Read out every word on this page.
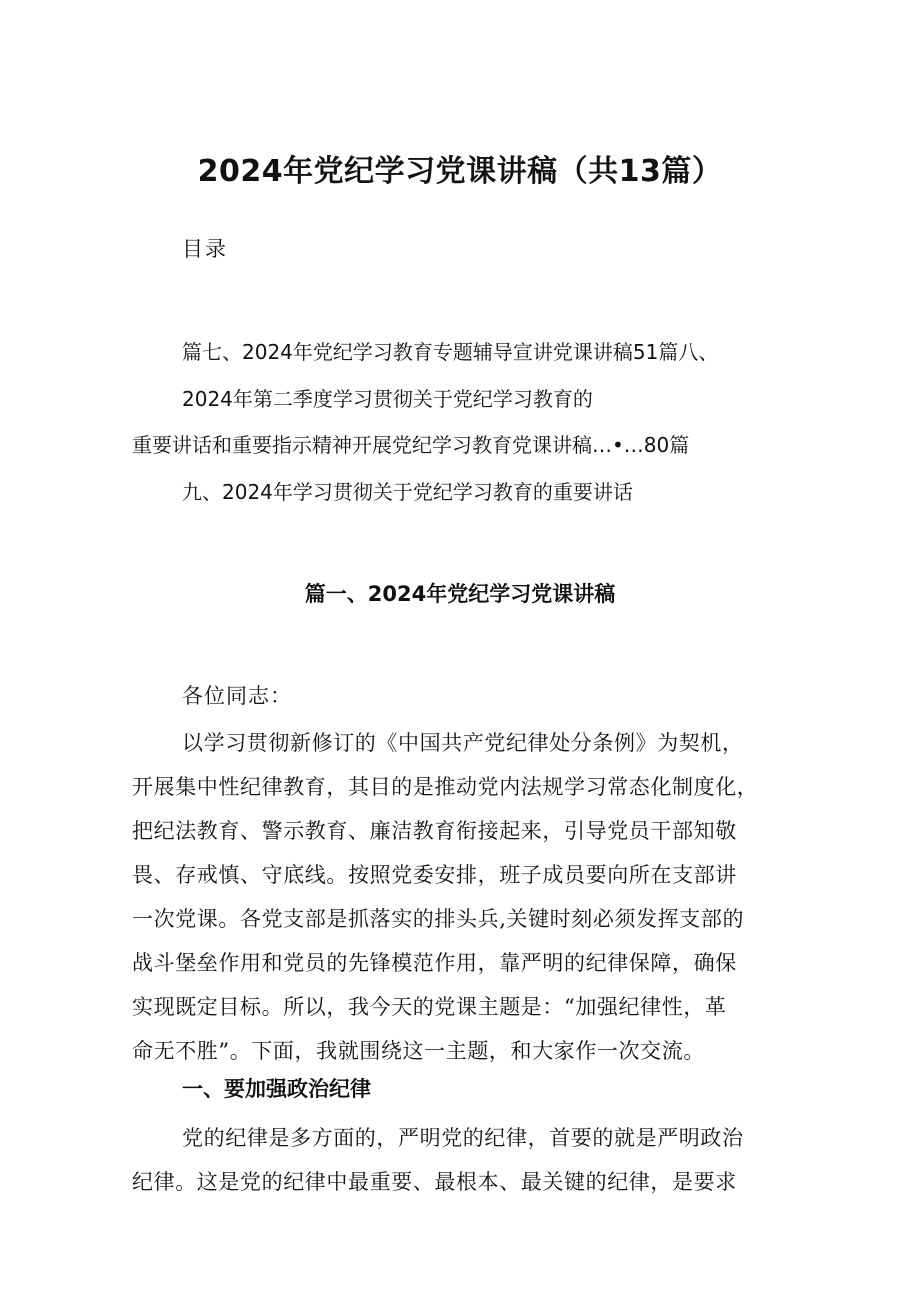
2024年党纪学习党课讲稿（共13篇）
目录
篇七、2024年党纪学习教育专题辅导宣讲党课讲稿51篇八、
2024年第二季度学习贯彻关于党纪学习教育的
重要讲话和重要指示精神开展党纪学习教育党课讲稿…•…80篇
九、2024年学习贯彻关于党纪学习教育的重要讲话
篇一、2024年党纪学习党课讲稿
各位同志：
以学习贯彻新修订的《中国共产党纪律处分条例》为契机，
开展集中性纪律教育，其目的是推动党内法规学习常态化制度化，
把纪法教育、警示教育、廉洁教育衔接起来，引导党员干部知敬
畏、存戒慎、守底线。按照党委安排，班子成员要向所在支部讲
一次党课。各党支部是抓落实的排头兵,关键时刻必须发挥支部的
战斗堡垒作用和党员的先锋模范作用，靠严明的纪律保障，确保
实现既定目标。所以，我今天的党课主题是：“加强纪律性，革
命无不胜”。下面，我就围绕这一主题，和大家作一次交流。
一、要加强政治纪律
党的纪律是多方面的，严明党的纪律，首要的就是严明政治
纪律。这是党的纪律中最重要、最根本、最关键的纪律，是要求
